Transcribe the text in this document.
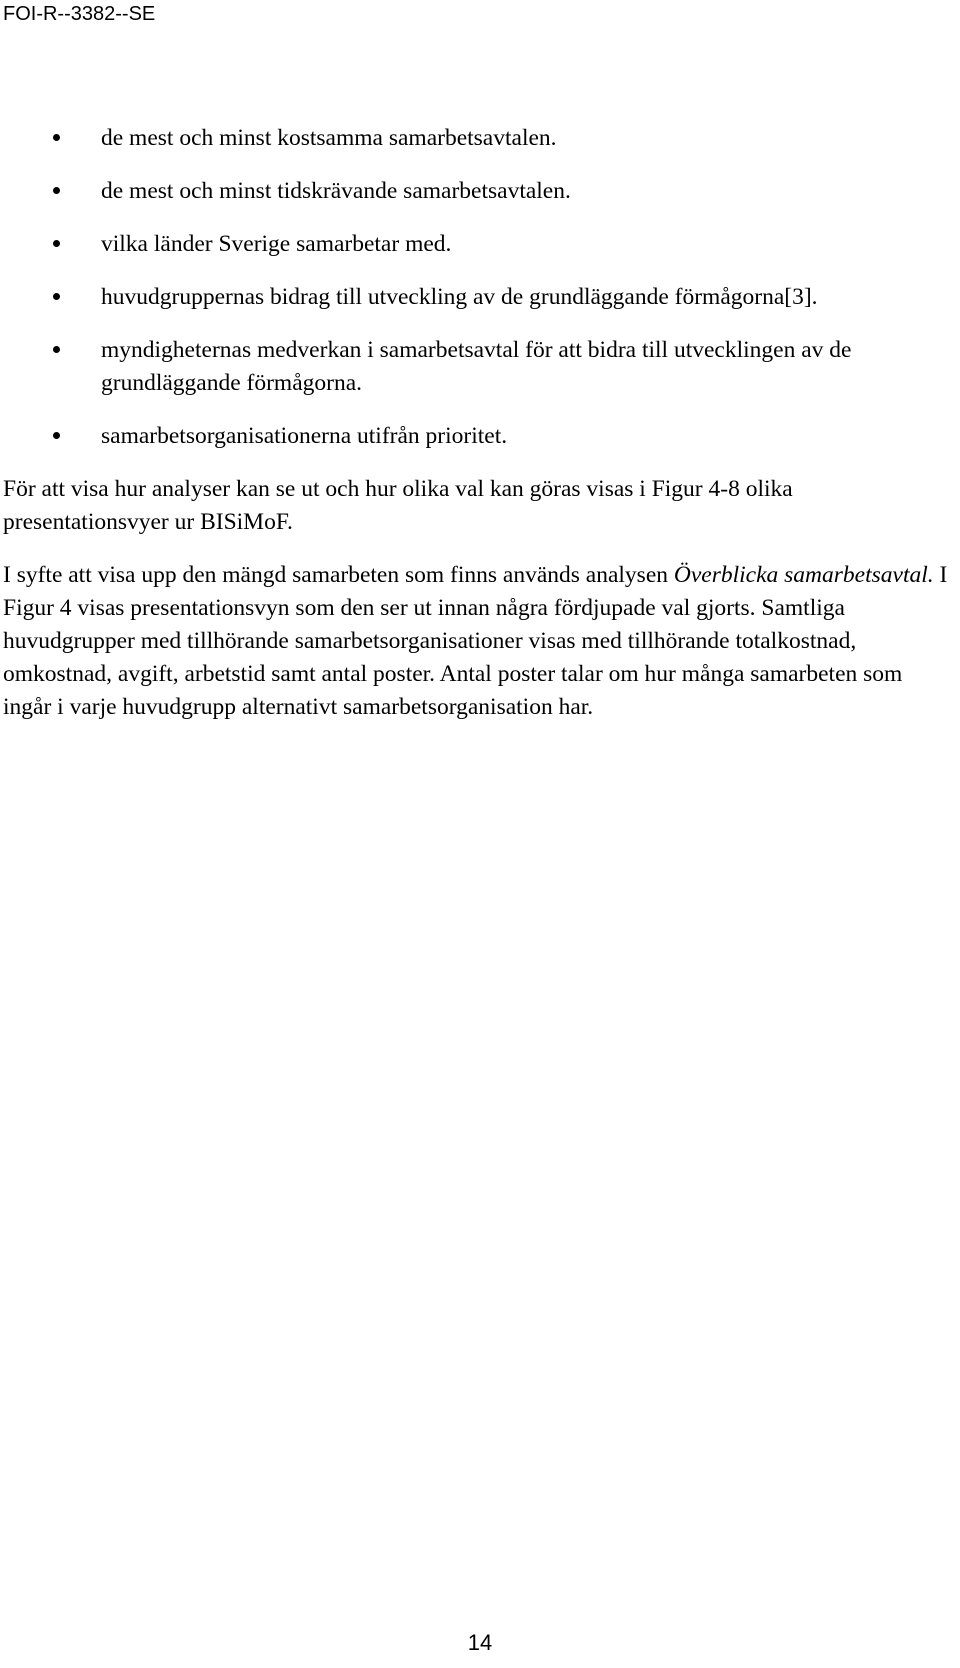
FOI-R--3382--SE
de mest och minst kostsamma samarbetsavtalen.
de mest och minst tidskrävande samarbetsavtalen.
vilka länder Sverige samarbetar med.
huvudgruppernas bidrag till utveckling av de grundläggande förmågorna[3].
myndigheternas medverkan i samarbetsavtal för att bidra till utvecklingen av de grundläggande förmågorna.
samarbetsorganisationerna utifrån prioritet.

För att visa hur analyser kan se ut och hur olika val kan göras visas i Figur 4-8 olika presentationsvyer ur BISiMoF.

I syfte att visa upp den mängd samarbeten som finns används analysen Överblicka samarbetsavtal. I Figur 4 visas presentationsvyn som den ser ut innan några fördjupade val gjorts. Samtliga huvudgrupper med tillhörande samarbetsorganisationer visas med tillhörande totalkostnad, omkostnad, avgift, arbetstid samt antal poster. Antal poster talar om hur många samarbeten som ingår i varje huvudgrupp alternativt samarbetsorganisation har.

14
